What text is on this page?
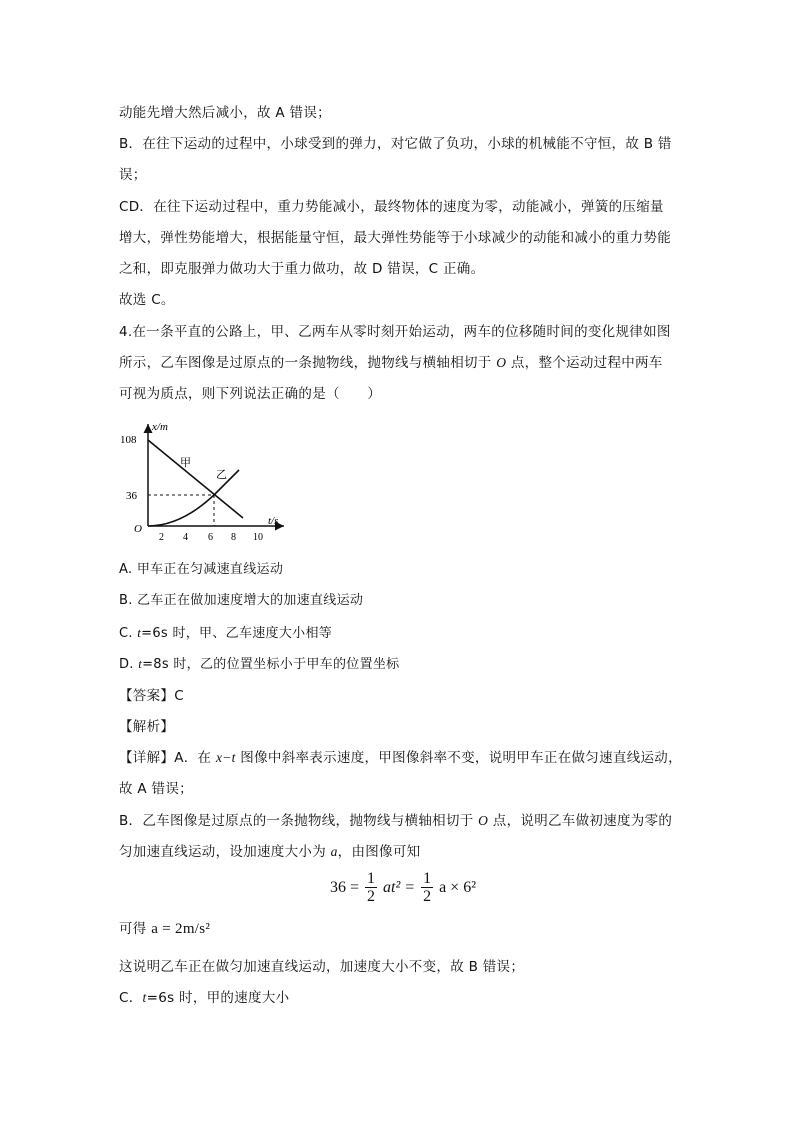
动能先增大然后减小，故 A 错误；
B．在往下运动的过程中，小球受到的弹力，对它做了负功，小球的机械能不守恒，故 B 错
误；
CD．在往下运动过程中，重力势能减小，最终物体的速度为零，动能减小，弹簧的压缩量
增大，弹性势能增大，根据能量守恒，最大弹性势能等于小球减少的动能和减小的重力势能
之和，即克服弹力做功大于重力做功，故 D 错误，C 正确。
故选 C。
4.在一条平直的公路上，甲、乙两车从零时刻开始运动，两车的位移随时间的变化规律如图
所示，乙车图像是过原点的一条抛物线，抛物线与横轴相切于 O 点，整个运动过程中两车
可视为质点，则下列说法正确的是（　　）
x/m
t/s
108
36
O
2 4 6 8 10
甲
乙
A. 甲车正在匀减速直线运动
B. 乙车正在做加速度增大的加速直线运动
C. t=6s 时，甲、乙车速度大小相等
D. t=8s 时，乙的位置坐标小于甲车的位置坐标
【答案】C
【解析】
【详解】A．在 x−t 图像中斜率表示速度，甲图像斜率不变，说明甲车正在做匀速直线运动，
故 A 错误；
B．乙车图像是过原点的一条抛物线，抛物线与横轴相切于 O 点，说明乙车做初速度为零的
匀加速直线运动，设加速度大小为 a，由图像可知
$36 = \frac{1}{2} at^2 = \frac{1}{2}$ a × 6²
可得 a = 2m/s²
这说明乙车正在做匀加速直线运动，加速度大小不变，故 B 错误；
C．t=6s 时，甲的速度大小
